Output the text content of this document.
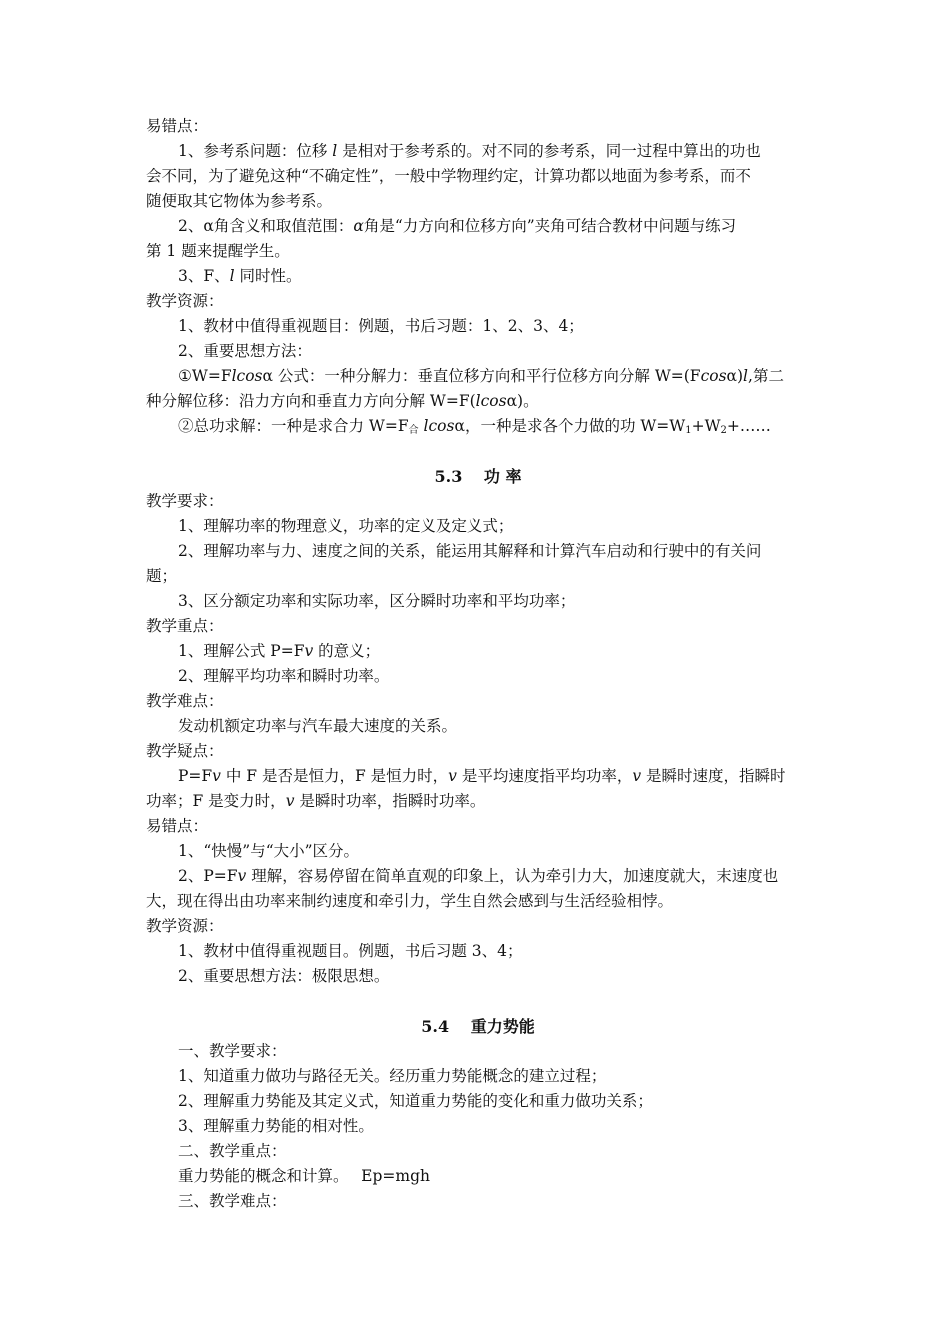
易错点：
1、参考系问题：位移 l 是相对于参考系的。对不同的参考系，同一过程中算出的功也
会不同，为了避免这种“不确定性”，一般中学物理约定，计算功都以地面为参考系，而不
随便取其它物体为参考系。
2、α角含义和取值范围：α角是“力方向和位移方向”夹角可结合教材中问题与练习
第 1 题来提醒学生。
3、F、l 同时性。
教学资源：
1、教材中值得重视题目：例题，书后习题：1、2、3、4；
2、重要思想方法：
①W=Flcosα 公式：一种分解力：垂直位移方向和平行位移方向分解 W=(Fcosα)l,第二
种分解位移：沿力方向和垂直力方向分解 W=F(lcosα)。
②总功求解：一种是求合力 $W=F_合$ lcosα，一种是求各个力做的功 $W=W_1+W_2+\dots\dots$
5.3　 功 率
教学要求：
1、理解功率的物理意义，功率的定义及定义式；
2、理解功率与力、速度之间的关系，能运用其解释和计算汽车启动和行驶中的有关问
题；
3、区分额定功率和实际功率，区分瞬时功率和平均功率；
教学重点：
1、理解公式 P=Fv 的意义；
2、理解平均功率和瞬时功率。
教学难点：
发动机额定功率与汽车最大速度的关系。
教学疑点：
P=Fv 中 F 是否是恒力，F 是恒力时，v 是平均速度指平均功率，v 是瞬时速度，指瞬时
功率；F 是变力时，v 是瞬时功率，指瞬时功率。
易错点：
1、“快慢”与“大小”区分。
2、P=Fv 理解，容易停留在简单直观的印象上，认为牵引力大，加速度就大，末速度也
大，现在得出由功率来制约速度和牵引力，学生自然会感到与生活经验相悖。
教学资源：
1、教材中值得重视题目。例题，书后习题 3、4；
2、重要思想方法：极限思想。
5.4　 重力势能
一、教学要求：
1、知道重力做功与路径无关。经历重力势能概念的建立过程；
2、理解重力势能及其定义式，知道重力势能的变化和重力做功关系；
3、理解重力势能的相对性。
二、教学重点：
重力势能的概念和计算。　 Ep=mgh
三、教学难点：
